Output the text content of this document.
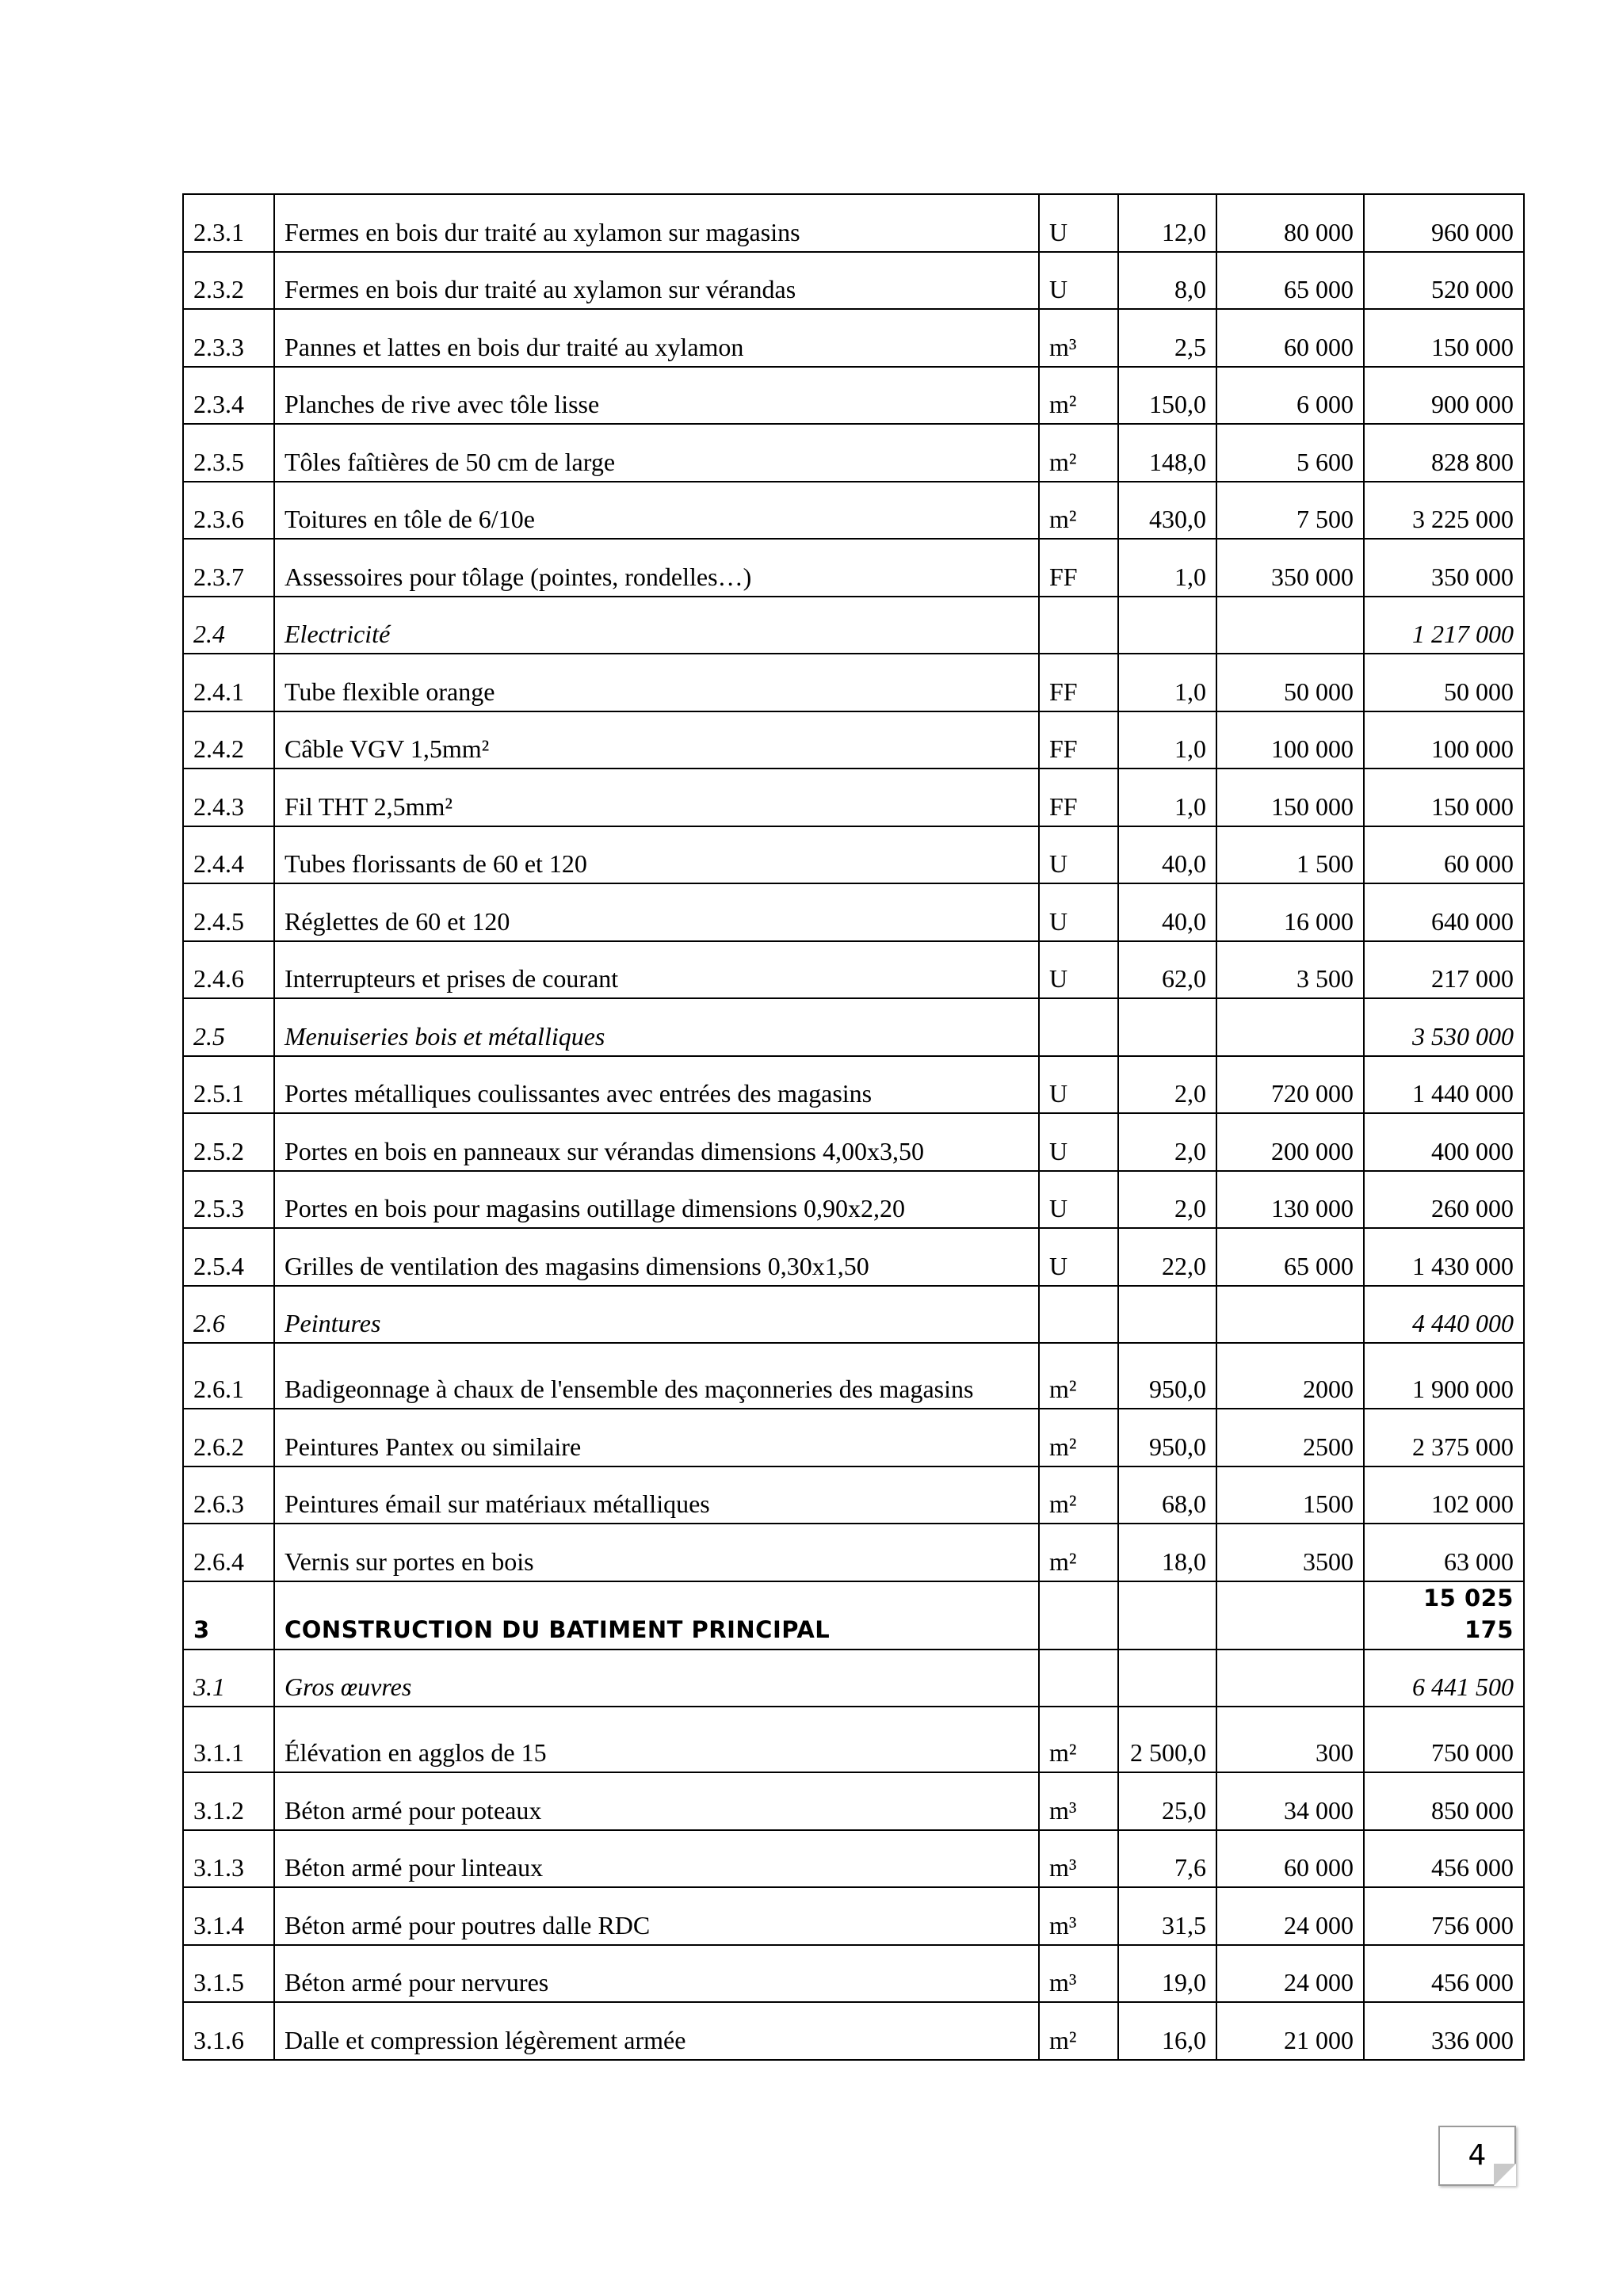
2.3.1	Fermes en bois dur traité au xylamon sur magasins	U	12,0	80 000	960 000
2.3.2	Fermes en bois dur traité au xylamon sur vérandas	U	8,0	65 000	520 000
2.3.3	Pannes et lattes en bois dur traité au xylamon	m³	2,5	60 000	150 000
2.3.4	Planches de rive avec tôle lisse	m²	150,0	6 000	900 000
2.3.5	Tôles faîtières de 50 cm de large	m²	148,0	5 600	828 800
2.3.6	Toitures en tôle de 6/10e	m²	430,0	7 500	3 225 000
2.3.7	Assessoires pour tôlage (pointes, rondelles…)	FF	1,0	350 000	350 000
2.4	Electricité				1 217 000
2.4.1	Tube flexible orange	FF	1,0	50 000	50 000
2.4.2	Câble VGV 1,5mm²	FF	1,0	100 000	100 000
2.4.3	Fil THT 2,5mm²	FF	1,0	150 000	150 000
2.4.4	Tubes florissants de 60 et 120	U	40,0	1 500	60 000
2.4.5	Réglettes de 60 et 120	U	40,0	16 000	640 000
2.4.6	Interrupteurs et prises de courant	U	62,0	3 500	217 000
2.5	Menuiseries bois et métalliques				3 530 000
2.5.1	Portes métalliques coulissantes avec entrées des magasins	U	2,0	720 000	1 440 000
2.5.2	Portes en bois en panneaux sur vérandas dimensions 4,00x3,50	U	2,0	200 000	400 000
2.5.3	Portes en bois pour magasins outillage dimensions 0,90x2,20	U	2,0	130 000	260 000
2.5.4	Grilles de ventilation des magasins dimensions 0,30x1,50	U	22,0	65 000	1 430 000
2.6	Peintures				4 440 000
2.6.1	Badigeonnage à chaux de l'ensemble des maçonneries des magasins	m²	950,0	2000	1 900 000
2.6.2	Peintures Pantex ou similaire	m²	950,0	2500	2 375 000
2.6.3	Peintures émail sur matériaux métalliques	m²	68,0	1500	102 000
2.6.4	Vernis sur portes en bois	m²	18,0	3500	63 000
3	CONSTRUCTION DU BATIMENT PRINCIPAL				15 025 175
3.1	Gros œuvres				6 441 500
3.1.1	Élévation en agglos de 15	m²	2 500,0	300	750 000
3.1.2	Béton armé pour poteaux	m³	25,0	34 000	850 000
3.1.3	Béton armé pour linteaux	m³	7,6	60 000	456 000
3.1.4	Béton armé pour poutres dalle RDC	m³	31,5	24 000	756 000
3.1.5	Béton armé pour nervures	m³	19,0	24 000	456 000
3.1.6	Dalle et compression légèrement armée	m²	16,0	21 000	336 000
4
